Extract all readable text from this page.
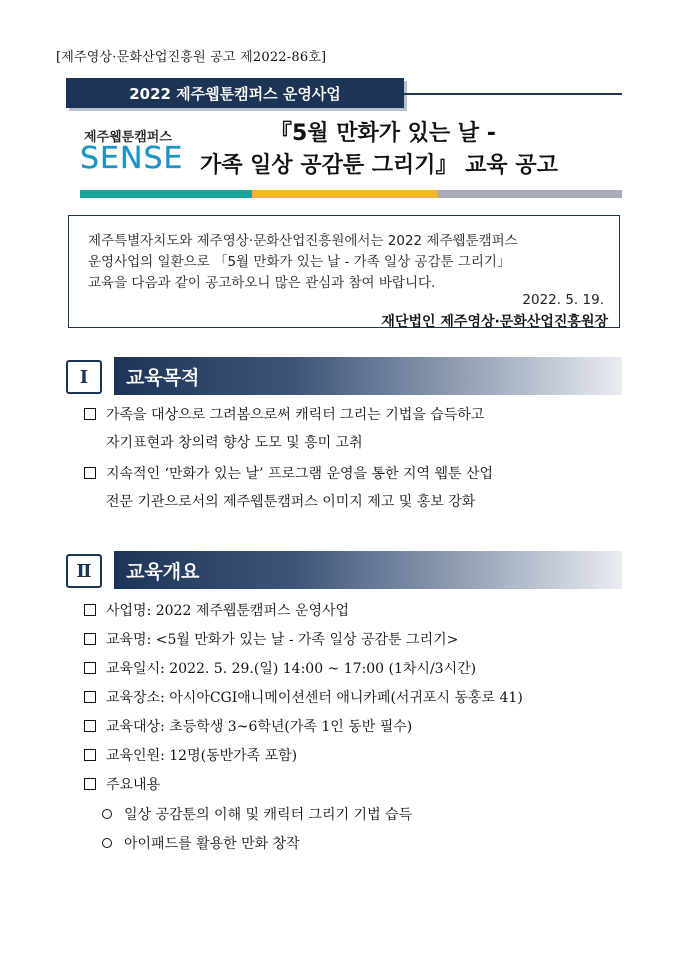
[제주영상·문화산업진흥원 공고 제2022-86호]
2022 제주웹툰캠퍼스 운영사업
제주웹툰캠퍼스
SENSE
『5월 만화가 있는 날 -
가족 일상 공감툰 그리기』 교육 공고
제주특별자치도와 제주영상·문화산업진흥원에서는 2022 제주웹툰캠퍼스
운영사업의 일환으로 「5월 만화가 있는 날 - 가족 일상 공감툰 그리기」
교육을 다음과 같이 공고하오니 많은 관심과 참여 바랍니다.
2022. 5. 19.
재단법인 제주영상·문화산업진흥원장
Ⅰ	교육목적
가족을 대상으로 그려봄으로써 캐릭터 그리는 기법을 습득하고
자기표현과 창의력 향상 도모 및 흥미 고취
지속적인 ‘만화가 있는 날’ 프로그램 운영을 통한 지역 웹툰 산업
전문 기관으로서의 제주웹툰캠퍼스 이미지 제고 및 홍보 강화
Ⅱ	교육개요
사업명: 2022 제주웹툰캠퍼스 운영사업
교육명: <5월 만화가 있는 날 - 가족 일상 공감툰 그리기>
교육일시: 2022. 5. 29.(일) 14:00 ~ 17:00 (1차시/3시간)
교육장소: 아시아CGI애니메이션센터 애니카페(서귀포시 동홍로 41)
교육대상: 초등학생 3~6학년(가족 1인 동반 필수)
교육인원: 12명(동반가족 포함)
주요내용
일상 공감툰의 이해 및 캐릭터 그리기 기법 습득
아이패드를 활용한 만화 창작
